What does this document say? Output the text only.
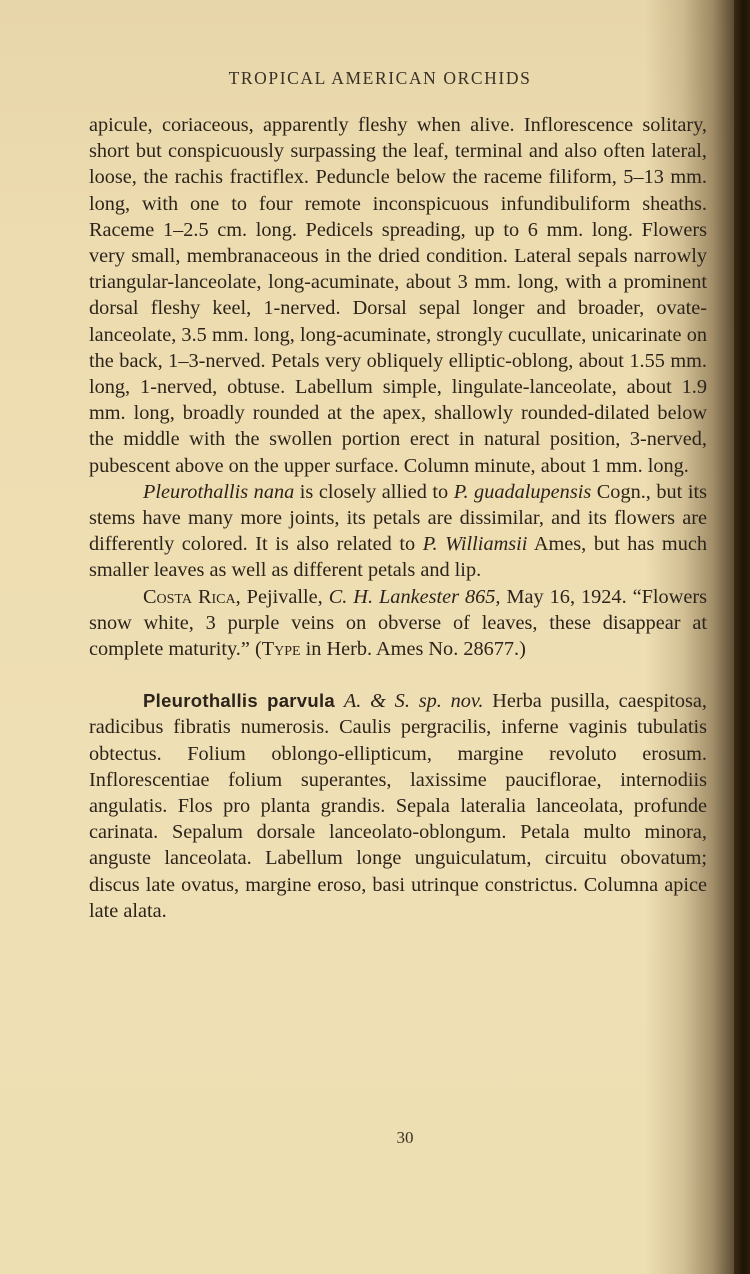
TROPICAL AMERICAN ORCHIDS

apicule, coriaceous, apparently fleshy when alive. Inflorescence solitary, short but conspicuously surpassing the leaf, terminal and also often lateral, loose, the rachis fractiflex. Peduncle below the raceme filiform, 5–13 mm. long, with one to four remote inconspicuous infundibuliform sheaths. Raceme 1–2.5 cm. long. Pedicels spreading, up to 6 mm. long. Flowers very small, membranaceous in the dried condition. Lateral sepals narrowly triangular-lanceolate, long-acuminate, about 3 mm. long, with a prominent dorsal fleshy keel, 1-nerved. Dorsal sepal longer and broader, ovate-lanceolate, 3.5 mm. long, long-acuminate, strongly cucullate, unicarinate on the back, 1–3-nerved. Petals very obliquely elliptic-oblong, about 1.55 mm. long, 1-nerved, obtuse. Labellum simple, lingulate-lanceolate, about 1.9 mm. long, broadly rounded at the apex, shallowly rounded-dilated below the middle with the swollen portion erect in natural position, 3-nerved, pubescent above on the upper surface. Column minute, about 1 mm. long.

Pleurothallis nana is closely allied to P. guadalupensis Cogn., but its stems have many more joints, its petals are dissimilar, and its flowers are differently colored. It is also related to P. Williamsii Ames, but has much smaller leaves as well as different petals and lip.

Costa Rica, Pejivalle, C. H. Lankester 865, May 16, 1924. “Flowers snow white, 3 purple veins on obverse of leaves, these disappear at complete maturity.” (Type in Herb. Ames No. 28677.)

Pleurothallis parvula A. & S. sp. nov. Herba pusilla, caespitosa, radicibus fibratis numerosis. Caulis pergracilis, inferne vaginis tubulatis obtectus. Folium oblongo-ellipticum, margine revoluto erosum. Inflorescentiae folium superantes, laxissime pauciflorae, internodiis angulatis. Flos pro planta grandis. Sepala lateralia lanceolata, profunde carinata. Sepalum dorsale lanceolato-oblongum. Petala multo minora, anguste lanceolata. Labellum longe unguiculatum, circuitu obovatum; discus late ovatus, margine eroso, basi utrinque constrictus. Columna apice late alata.

30
